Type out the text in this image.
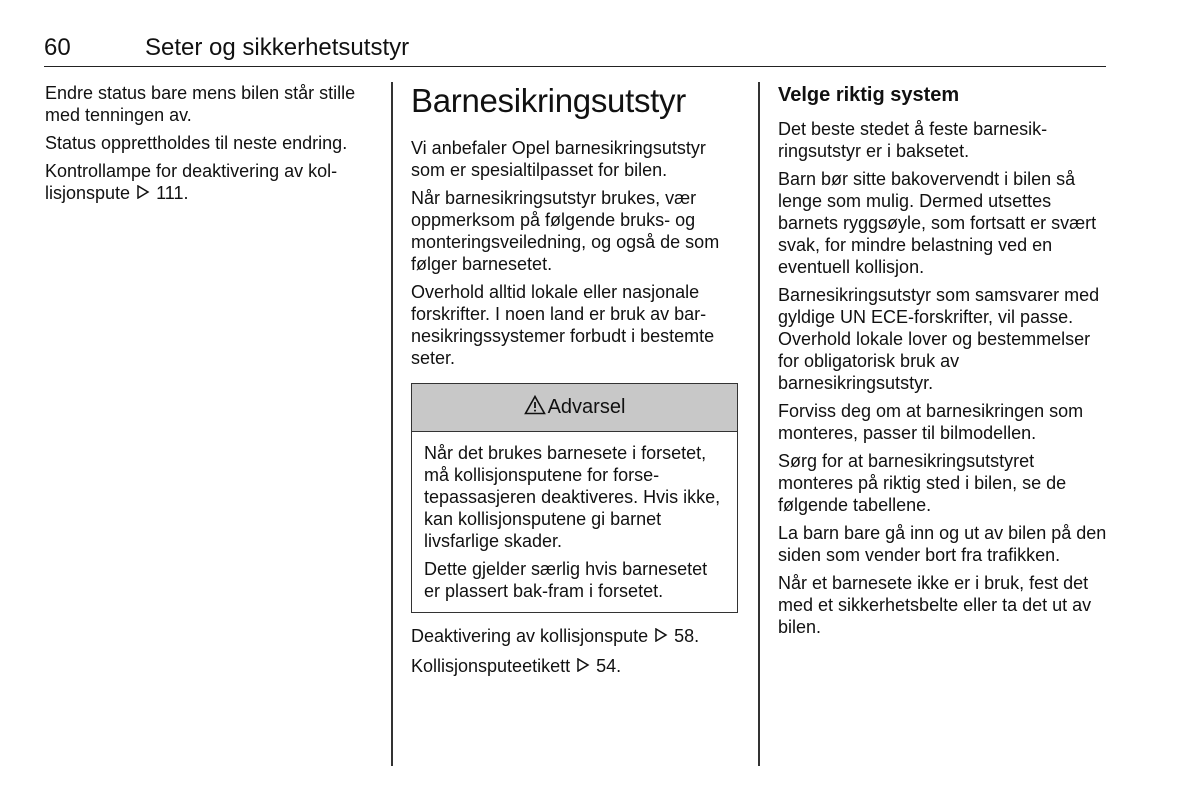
60	Seter og sikkerhetsutstyr

Endre status bare mens bilen står stille med tenningen av.

Status opprettholdes til neste endring.

Kontrollampe for deaktivering av kollisjonspute 111.

Barnesikringsutstyr

Vi anbefaler Opel barnesikringsutstyr som er spesialtilpasset for bilen.

Når barnesikringsutstyr brukes, vær oppmerksom på følgende bruks- og monteringsveiledning, og også de som følger barnesetet.

Overhold alltid lokale eller nasjonale forskrifter. I noen land er bruk av barnesikringssystemer forbudt i bestemte seter.

Advarsel

Når det brukes barnesete i forsetet, må kollisjonsputene for forsetepassasjeren deaktiveres. Hvis ikke, kan kollisjonsputene gi barnet livsfarlige skader.

Dette gjelder særlig hvis barnesetet er plassert bak-fram i forsetet.

Deaktivering av kollisjonspute 58.

Kollisjonsputeetikett 54.

Velge riktig system

Det beste stedet å feste barnesikringsutstyr er i baksetet.

Barn bør sitte bakovervendt i bilen så lenge som mulig. Dermed utsettes barnets ryggsøyle, som fortsatt er svært svak, for mindre belastning ved en eventuell kollisjon.

Barnesikringsutstyr som samsvarer med gyldige UN ECE-forskrifter, vil passe. Overhold lokale lover og bestemmelser for obligatorisk bruk av barnesikringsutstyr.

Forviss deg om at barnesikringen som monteres, passer til bilmodellen.

Sørg for at barnesikringsutstyret monteres på riktig sted i bilen, se de følgende tabellene.

La barn bare gå inn og ut av bilen på den siden som vender bort fra trafikken.

Når et barnesete ikke er i bruk, fest det med et sikkerhetsbelte eller ta det ut av bilen.
